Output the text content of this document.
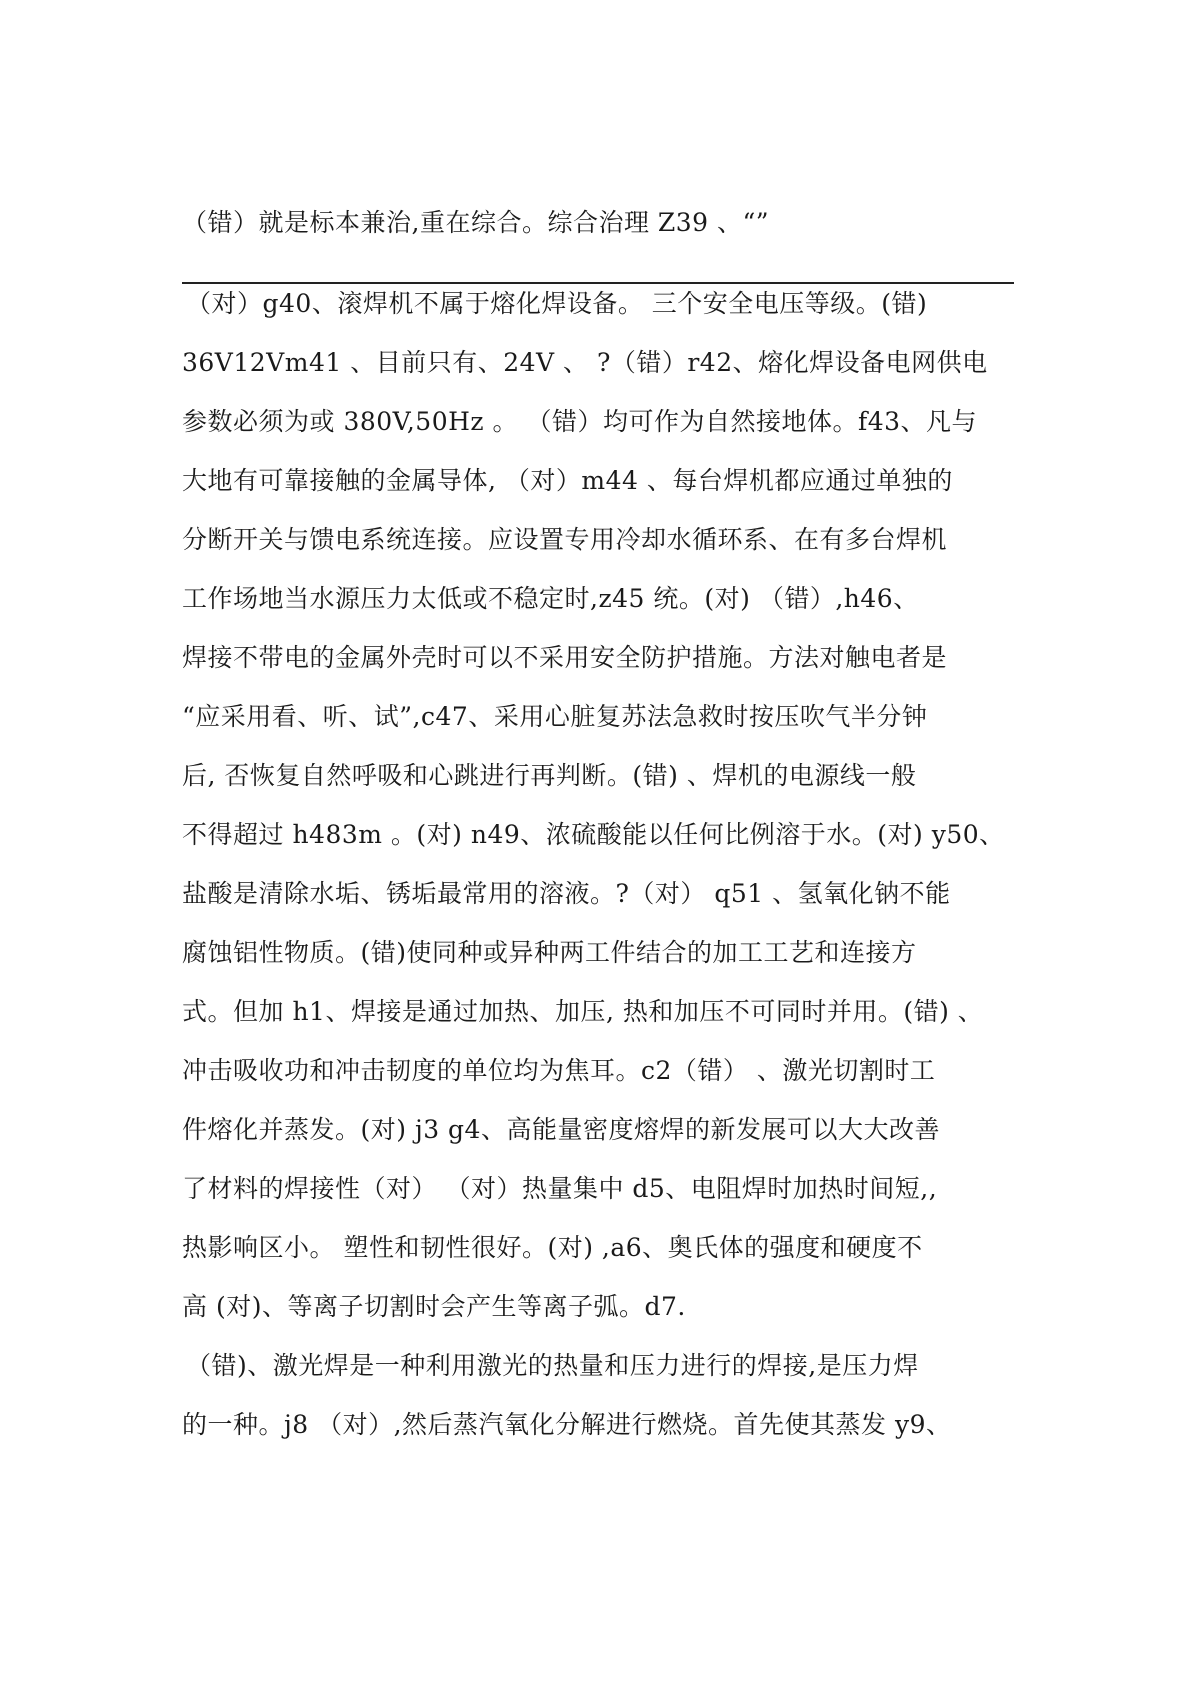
（错）就是标本兼治,重在综合。综合治理 Z39 、“”
（对）g40、滚焊机不属于熔化焊设备。 三个安全电压等级。(错)
36V12Vm41 、目前只有、24V 、 ?（错）r42、熔化焊设备电网供电
参数必须为或 380V,50Hz 。 （错）均可作为自然接地体。f43、凡与
大地有可靠接触的金属导体, （对）m44 、每台焊机都应通过单独的
分断开关与馈电系统连接。应设置专用冷却水循环系、在有多台焊机
工作场地当水源压力太低或不稳定时,z45 统。(对) （错）,h46、
焊接不带电的金属外壳时可以不采用安全防护措施。方法对触电者是
“应采用看、听、试”,c47、采用心脏复苏法急救时按压吹气半分钟
后, 否恢复自然呼吸和心跳进行再判断。(错) 、焊机的电源线一般
不得超过 h483m 。(对) n49、浓硫酸能以任何比例溶于水。(对) y50、
盐酸是清除水垢、锈垢最常用的溶液。?（对） q51 、氢氧化钠不能
腐蚀铝性物质。(错)使同种或异种两工件结合的加工工艺和连接方
式。但加 h1、焊接是通过加热、加压, 热和加压不可同时并用。(错) 、
冲击吸收功和冲击韧度的单位均为焦耳。c2（错） 、激光切割时工
件熔化并蒸发。(对) j3 g4、高能量密度熔焊的新发展可以大大改善
了材料的焊接性（对） （对）热量集中 d5、电阻焊时加热时间短,,
热影响区小。 塑性和韧性很好。(对) ,a6、奥氏体的强度和硬度不
高 (对)、等离子切割时会产生等离子弧。d7.
（错)、激光焊是一种利用激光的热量和压力进行的焊接,是压力焊
的一种。j8 （对）,然后蒸汽氧化分解进行燃烧。首先使其蒸发 y9、
